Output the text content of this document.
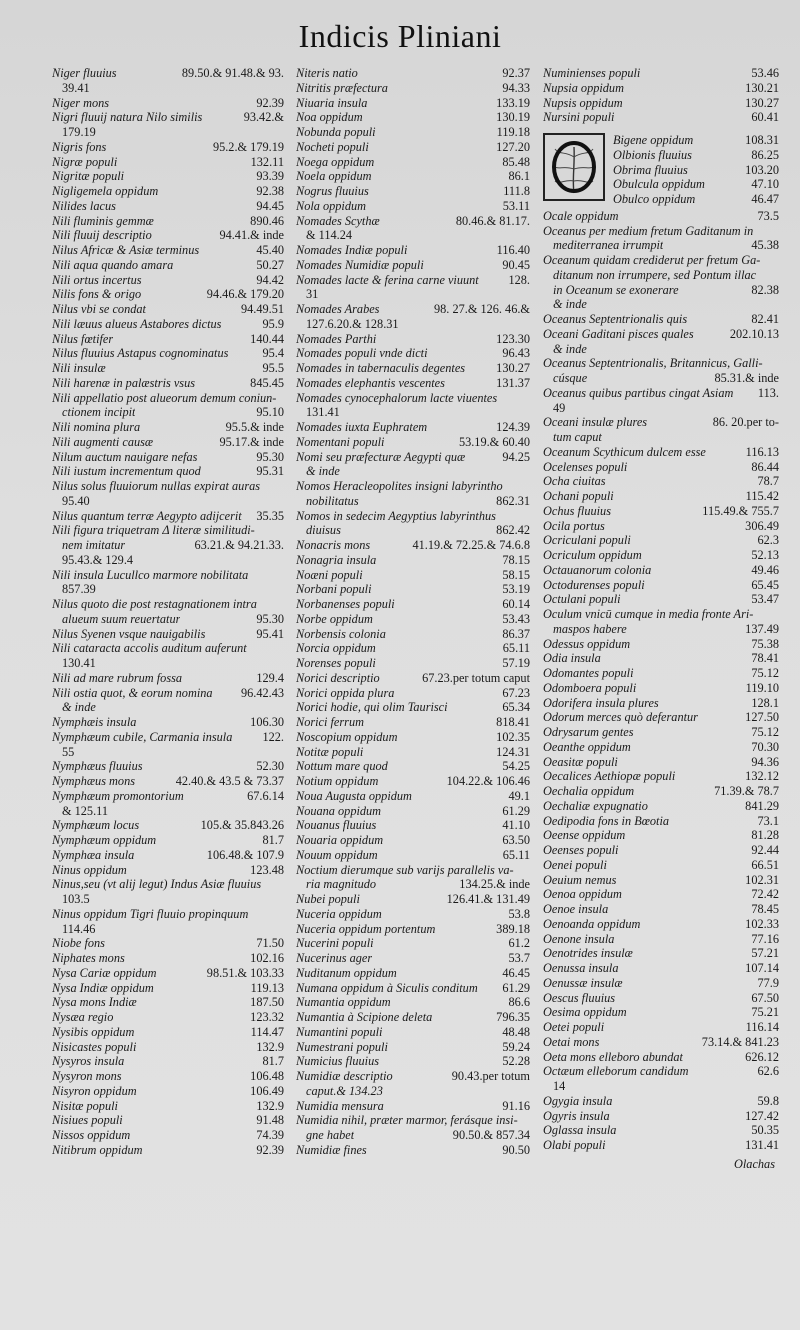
Indicis Pliniani
Niger fluuius	89.50.& 91.48.& 93.
39.41
Niger mons	92.39
Nigri fluuij natura Nilo similis	93.42.&
179.19
Nigris fons	95.2.& 179.19
Nigræ populi	132.11
Nigritæ populi	93.39
Nigligemela oppidum	92.38
Nilides lacus	94.45
Nili fluminis gemmæ	890.46
Nili fluuij descriptio	94.41.& inde
Nilus Africæ & Asiæ terminus	45.40
Nili aqua quando amara	50.27
Nili ortus incertus	94.42
Nilis fons & origo	94.46.& 179.20
Nilus vbi se condat	94.49.51
Nili læuus alueus Astabores dictus	95.9
Nilus fœtifer	140.44
Nilus fluuius Astapus cognominatus	95.4
Nili insulæ	95.5
Nili harenæ in palæstris vsus	845.45
Nili appellatio post alueorum demum coniun-
ctionem incipit	95.10
Nili nomina plura	95.5.& inde
Nili augmenti causæ	95.17.& inde
Nilum auctum nauigare nefas	95.30
Nili iustum incrementum quod	95.31
Nilus solus fluuiorum nullas expirat auras
95.40
Nilus quantum terræ Aegypto adijcerit	35.35
Nili figura triquetram Δ literæ similitudi-
nem imitatur	63.21.& 94.21.33.
95.43.& 129.4
Nili insula Lucullco marmore nobilitata
857.39
Nilus quoto die post restagnationem intra
alueum suum reuertatur	95.30
Nilus Syenen vsque nauigabilis	95.41
Nili cataracta accolis auditum auferunt
130.41
Nili ad mare rubrum fossa	129.4
Nili ostia quot, & eorum nomina	96.42.43
& inde
Nymphæis insula	106.30
Nymphæum cubile, Carmania insula	122.
55
Nymphæus fluuius	52.30
Nymphæus mons	42.40.& 43.5 & 73.37
Nymphæum promontorium	67.6.14
& 125.11
Nymphæum locus	105.& 35.843.26
Nymphæum oppidum	81.7
Nymphæa insula	106.48.& 107.9
Ninus oppidum	123.48
Ninus,seu (vt alij legut) Indus Asiæ fluuius
103.5
Ninus oppidum Tigri fluuio propinquum
114.46
Niobe fons	71.50
Niphates mons	102.16
Nysa Cariæ oppidum	98.51.& 103.33
Nysa Indiæ oppidum	119.13
Nysa mons Indiæ	187.50
Nysæa regio	123.32
Nysibis oppidum	114.47
Nisicastes populi	132.9
Nysyros insula	81.7
Nysyron mons	106.48
Nisyron oppidum	106.49
Nisitæ populi	132.9
Nisiues populi	91.48
Nissos oppidum	74.39
Nitibrum oppidum	92.39
Niteris natio	92.37
Nitritis præfectura	94.33
Niuaria insula	133.19
Noa oppidum	130.19
Nobunda populi	119.18
Nocheti populi	127.20
Noega oppidum	85.48
Noela oppidum	86.1
Nogrus fluuius	111.8
Nola oppidum	53.11
Nomades Scythæ	80.46.& 81.17.
& 114.24
Nomades Indiæ populi	116.40
Nomades Numidiæ populi	90.45
Nomades lacte & ferina carne viuunt	128.
31
Nomades Arabes	98. 27.& 126. 46.&
127.6.20.& 128.31
Nomades Parthi	123.30
Nomades populi vnde dicti	96.43
Nomades in tabernaculis degentes	130.27
Nomades elephantis vescentes	131.37
Nomades cynocephalorum lacte viuentes
131.41
Nomades iuxta Euphratem	124.39
Nomentani populi	53.19.& 60.40
Nomi seu præfecturæ Aegypti quæ	94.25
& inde
Nomos Heracleopolites insigni labyrintho
nobilitatus	862.31
Nomos in sedecim Aegyptius labyrinthus
diuisus	862.42
Nonacris mons	41.19.& 72.25.& 74.6.8
Nonagria insula	78.15
Noæni populi	58.15
Norbani populi	53.19
Norbanenses populi	60.14
Norbe oppidum	53.43
Norbensis colonia	86.37
Norcia oppidum	65.11
Norenses populi	57.19
Norici descriptio	67.23.per totum caput
Norici oppida plura	67.23
Norici hodie, qui olim Taurisci	65.34
Norici ferrum	818.41
Noscopium oppidum	102.35
Notitæ populi	124.31
Nottum mare quod	54.25
Notium oppidum	104.22.& 106.46
Noua Augusta oppidum	49.1
Nouana oppidum	61.29
Nouanus fluuius	41.10
Nouaria oppidum	63.50
Nouum oppidum	65.11
Noctium dierumque sub varijs parallelis va-
ria magnitudo	134.25.& inde
Nubei populi	126.41.& 131.49
Nuceria oppidum	53.8
Nuceria oppidum portentum	389.18
Nucerini populi	61.2
Nucerinus ager	53.7
Nuditanum oppidum	46.45
Numana oppidum à Siculis conditum	61.29
Numantia oppidum	86.6
Numantia à Scipione deleta	796.35
Numantini populi	48.48
Numestrani populi	59.24
Numicius fluuius	52.28
Numidiæ descriptio	90.43.per totum
caput.& 134.23
Numidia mensura	91.16
Numidia nihil, præter marmor, ferásque insi-
gne habet	90.50.& 857.34
Numidiæ fines	90.50
Numinienses populi	53.46
Nupsia oppidum	130.21
Nupsis oppidum	130.27
Nursini populi	60.41
Bigene oppidum	108.31
Olbionis fluuius	86.25
Obrima fluuius	103.20
Obulcula oppidum	47.10
Obulco oppidum	46.47
Ocale oppidum	73.5
Oceanus per medium fretum Gaditanum in
mediterranea irrumpit	45.38
Oceanum quidam crediderut per fretum Ga-
ditanum non irrumpere, sed Pontum illac
in Oceanum se exonerare	82.38
& inde
Oceanus Septentrionalis quis	82.41
Oceani Gaditani pisces quales	202.10.13
& inde
Oceanus Septentrionalis, Britannicus, Galli-
cúsque	85.31.& inde
Oceanus quibus partibus cingat Asiam	113.
49
Oceani insulæ plures	86. 20.per to-
tum caput
Oceanum Scythicum dulcem esse	116.13
Ocelenses populi	86.44
Ocha ciuitas	78.7
Ochani populi	115.42
Ochus fluuius	115.49.& 755.7
Ocila portus	306.49
Ocriculani populi	62.3
Ocriculum oppidum	52.13
Octauanorum colonia	49.46
Octodurenses populi	65.45
Octulani populi	53.47
Oculum vnicū cumque in media fronte Ari-
maspos habere	137.49
Odessus oppidum	75.38
Odia insula	78.41
Odomantes populi	75.12
Odomboera populi	119.10
Odorifera insula plures	128.1
Odorum merces quò deferantur	127.50
Odrysarum gentes	75.12
Oeanthe oppidum	70.30
Oeasitæ populi	94.36
Oecalices Aethiopæ populi	132.12
Oechalia oppidum	71.39.& 78.7
Oechaliæ expugnatio	841.29
Oedipodia fons in Bœotia	73.1
Oeense oppidum	81.28
Oeenses populi	92.44
Oenei populi	66.51
Oeuium nemus	102.31
Oenoa oppidum	72.42
Oenoe insula	78.45
Oenoanda oppidum	102.33
Oenone insula	77.16
Oenotrides insulæ	57.21
Oenussa insula	107.14
Oenussæ insulæ	77.9
Oescus fluuius	67.50
Oesima oppidum	75.21
Oetei populi	116.14
Oetai mons	73.14.& 841.23
Oeta mons elleboro abundat	626.12
Octæum elleborum candidum	62.6
14
Ogygia insula	59.8
Ogyris insula	127.42
Oglassa insula	50.35
Olabi populi	131.41
Olachas
